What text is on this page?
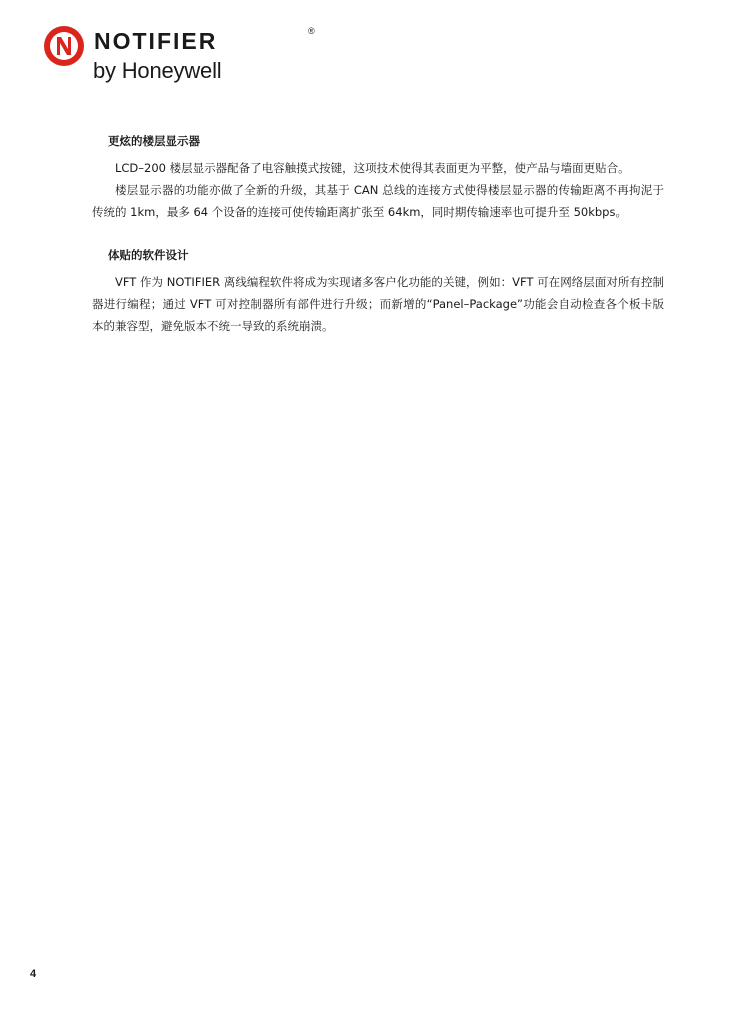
NOTIFIER	®
by Honeywell
更炫的楼层显示器

LCD–200 楼层显示器配备了电容触摸式按键，这项技术使得其表面更为平整，使产品与墙面更贴合。

楼层显示器的功能亦做了全新的升级，其基于 CAN 总线的连接方式使得楼层显示器的传输距离不再拘泥于传统的 1km，最多 64 个设备的连接可使传输距离扩张至 64km，同时期传输速率也可提升至 50kbps。

体贴的软件设计

VFT 作为 NOTIFIER 离线编程软件将成为实现诸多客户化功能的关键，例如：VFT 可在网络层面对所有控制器进行编程；通过 VFT 可对控制器所有部件进行升级；而新增的“Panel–Package”功能会自动检查各个板卡版本的兼容型，避免版本不统一导致的系统崩溃。

4
